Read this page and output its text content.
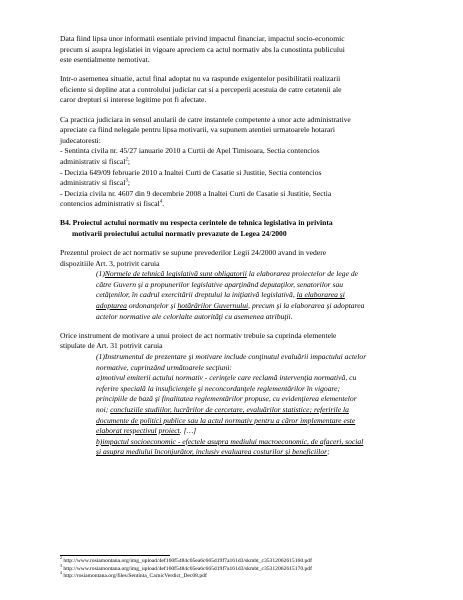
Data fiind lipsa unor informatii esentiale privind impactul financiar, impactul socio-economic
precum si asupra legislatiei in vigoare apreciem ca actul normativ abs la cunostinta publicului
este esentialmente nemotivat.

Intr-o asemenea situatie, actul final adoptat nu va raspunde exigentelor posibilitatii realizarii
eficiente si depline atat a controlului judiciar cat si a perceperii acestuia de catre cetatenii ale
caror drepturi si interese legitime pot fi afectate.

Ca practica judiciara in sensul anularii de catre instantele competente a unor acte administrative
apreciate ca fiind nelegale pentru lipsa motivarii, va supunem atentiei urmatoarele hotarari
judecatoresti:
- Sentinta civila nr. 45/27 ianuarie 2010 a Curtii de Apel Timisoara, Sectia contencios
administrativ si fiscal$^2$;
- Decizia 649/09 februarie 2010 a Inaltei Curti de Casatie si Justitie, Sectia contencios
administrativ si fiscal$^3$;
- Decizia civila nr. 4607 din 9 decembrie 2008 a Inaltei Curti de Casatie si Justitie, Sectia
contencios administrativ si fiscal$^4$.

B4. Proiectul actului normativ nu respecta cerintele de tehnica legislativa in privinta
motivarii proiectului actului normativ prevazute de Legea 24/2000

Prezentul proiect de act normativ se supune prevederilor Legii 24/2000 avand in vedere
dispozitiile Art. 3, potrivit caruia

(1)Normele de tehnică legislativă sunt obligatorii la elaborarea proiectelor de lege de
către Guvern şi a propunerilor legislative aparţinând deputaţilor, senatorilor sau
cetăţenilor, în cadrul exercitării dreptului la iniţiativă legislativă, la elaborarea şi
adoptarea ordonanţelor şi hotărârilor Guvernului, precum şi la elaborarea şi adoptarea
actelor normative ale celorlalte autorităţi cu asemenea atribuţii.

Orice instrument de motivare a unui proiect de act normativ trebuie sa cuprinda elementele
stipulate de Art. 31 potrivit caruia

(1)Instrumentul de prezentare şi motivare include conţinutul evaluării impactului actelor
normative, cuprinzând următoarele secţiuni:
a)motivul emiterii actului normativ - cerinţele care reclamă intervenţia normativă, cu
referire specială la insuficienţele şi neconcordanţele reglementărilor în vigoare;
principiile de bază şi finalitatea reglementărilor propuse, cu evidenţierea elementelor
noi; concluziile studiilor, lucrărilor de cercetare, evaluărilor statistice; referirile la
documente de politici publice sau la actul normativ pentru a căror implementare este
elaborat respectivul proiect. […]
b)impactul socioeconomic - efectele asupra mediului macroeconomic, de afaceri, social
şi asupra mediului înconjurător, inclusiv evaluarea costurilor şi beneficiilor;

$^2$ http://www.rosiamontana.org/img_upload/4ef160f5484c05ea6c665d19f7a161d3/skmbt_c35312062615160.pdf
$^3$ http://www.rosiamontana.org/img_upload/4ef160f5484c05ea6c665d19f7a161d3/skmbt_c35312062615170.pdf
$^4$ http://rosiamontana.org/files/Sentinta_CarnicVerdict_Dec08.pdf
